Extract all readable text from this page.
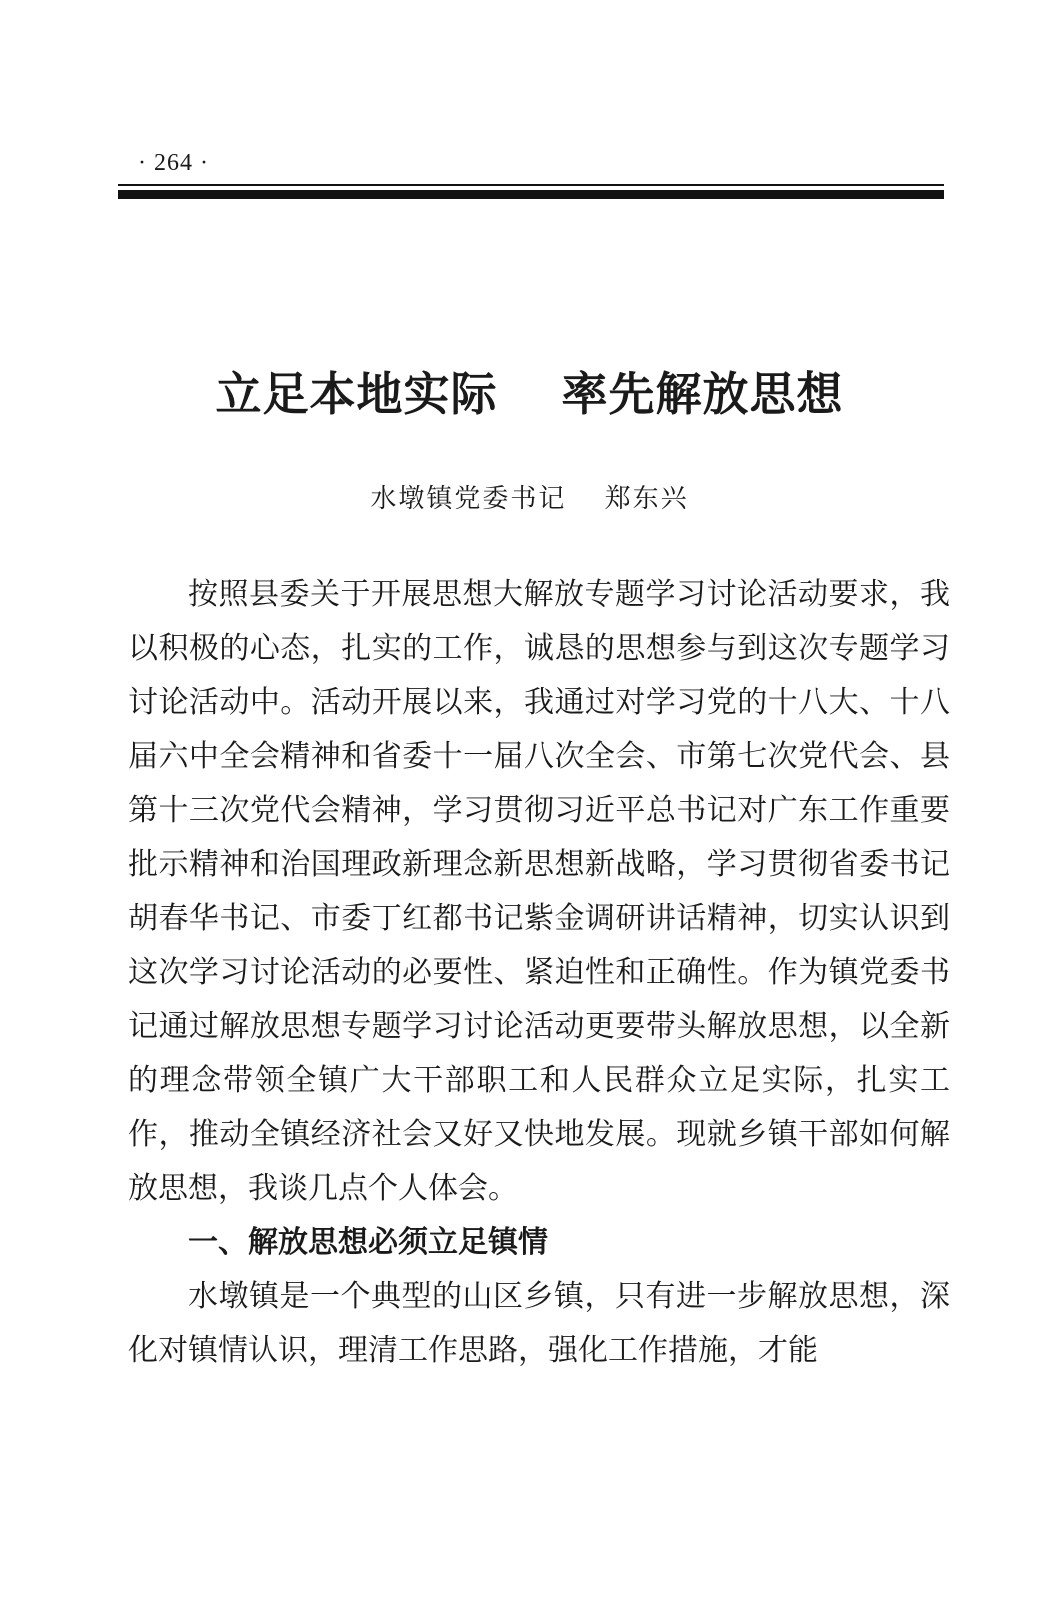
· 264 ·
立足本地实际　 率先解放思想
水墩镇党委书记　 郑东兴

按照县委关于开展思想大解放专题学习讨论活动要求，我以积极的心态，扎实的工作，诚恳的思想参与到这次专题学习讨论活动中。活动开展以来，我通过对学习党的十八大、十八届六中全会精神和省委十一届八次全会、市第七次党代会、县第十三次党代会精神，学习贯彻习近平总书记对广东工作重要批示精神和治国理政新理念新思想新战略，学习贯彻省委书记胡春华书记、市委丁红都书记紫金调研讲话精神，切实认识到这次学习讨论活动的必要性、紧迫性和正确性。作为镇党委书记通过解放思想专题学习讨论活动更要带头解放思想，以全新的理念带领全镇广大干部职工和人民群众立足实际，扎实工作，推动全镇经济社会又好又快地发展。现就乡镇干部如何解放思想，我谈几点个人体会。

一、解放思想必须立足镇情

水墩镇是一个典型的山区乡镇，只有进一步解放思想，深化对镇情认识，理清工作思路，强化工作措施，才能
